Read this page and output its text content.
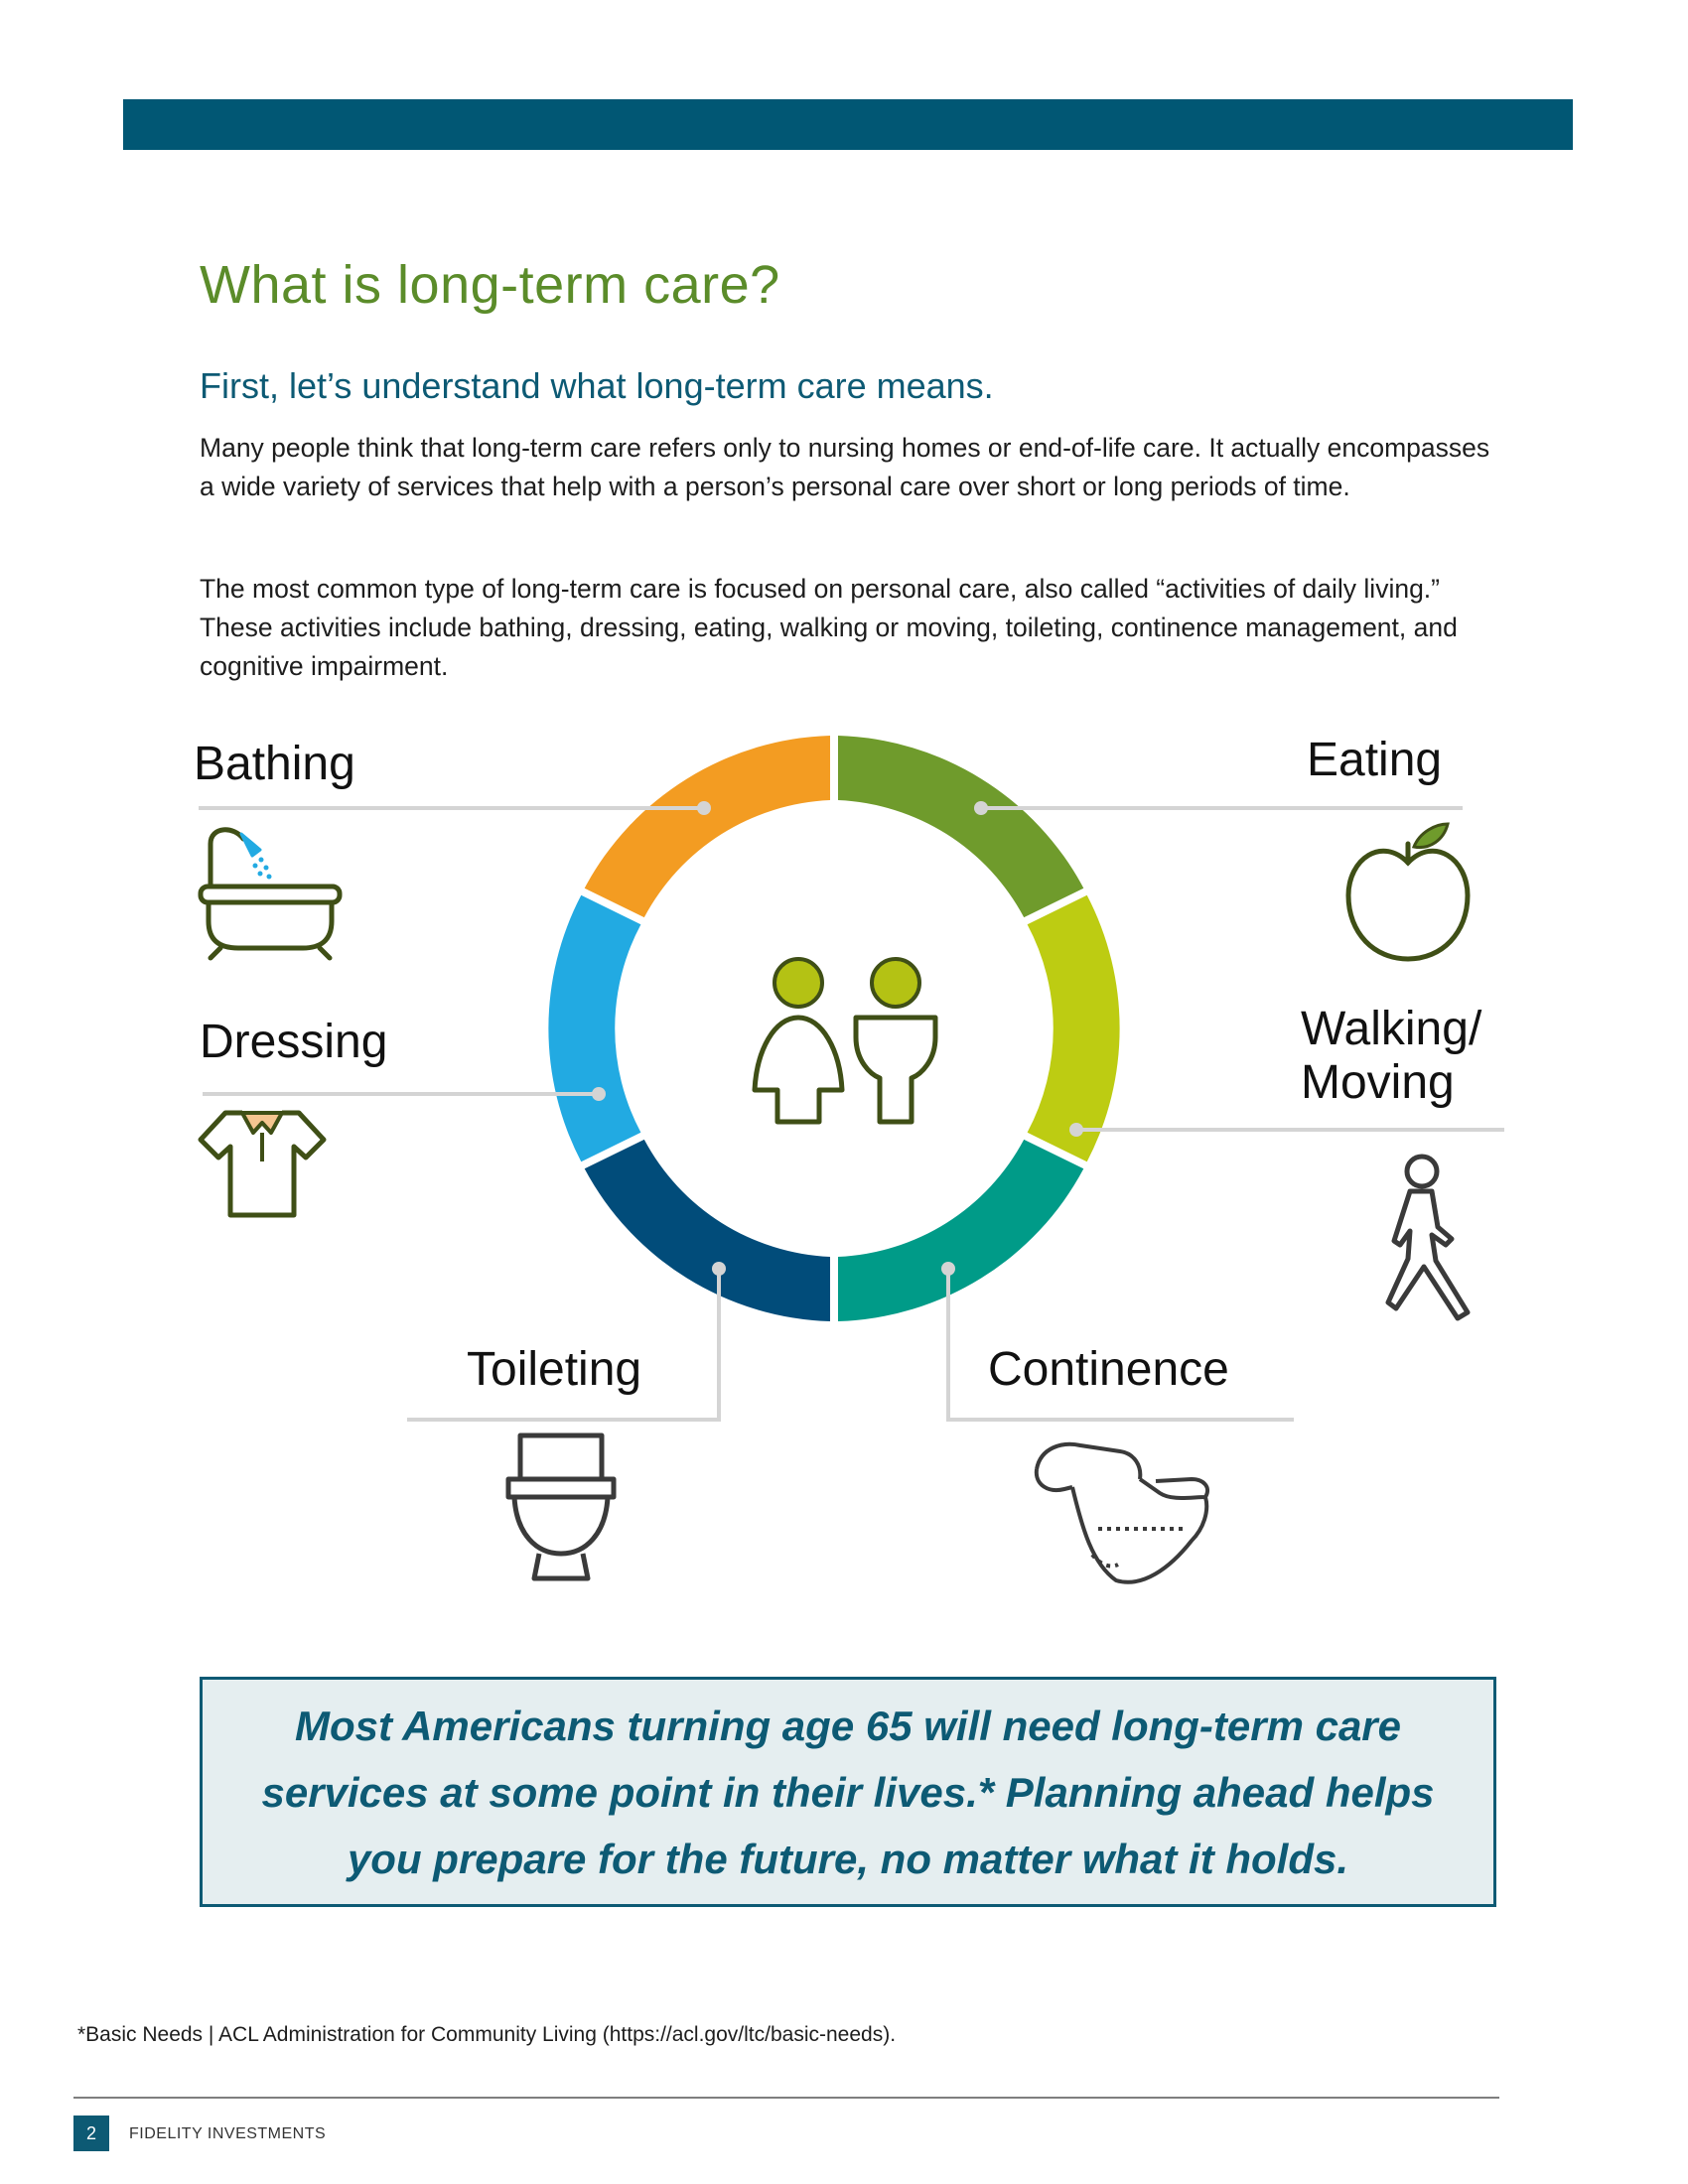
What is long-term care?
First, let’s understand what long-term care means.

Many people think that long-term care refers only to nursing homes or end-of-life care. It actually encompasses a wide variety of services that help with a person’s personal care over short or long periods of time.

The most common type of long-term care is focused on personal care, also called “activities of daily living.” These activities include bathing, dressing, eating, walking or moving, toileting, continence management, and cognitive impairment.

Bathing	Eating
Dressing	Walking/
Moving
Toileting	Continence

Most Americans turning age 65 will need long-term care services at some point in their lives.* Planning ahead helps you prepare for the future, no matter what it holds.

*Basic Needs | ACL Administration for Community Living (https://acl.gov/ltc/basic-needs).

2	FIDELITY INVESTMENTS
